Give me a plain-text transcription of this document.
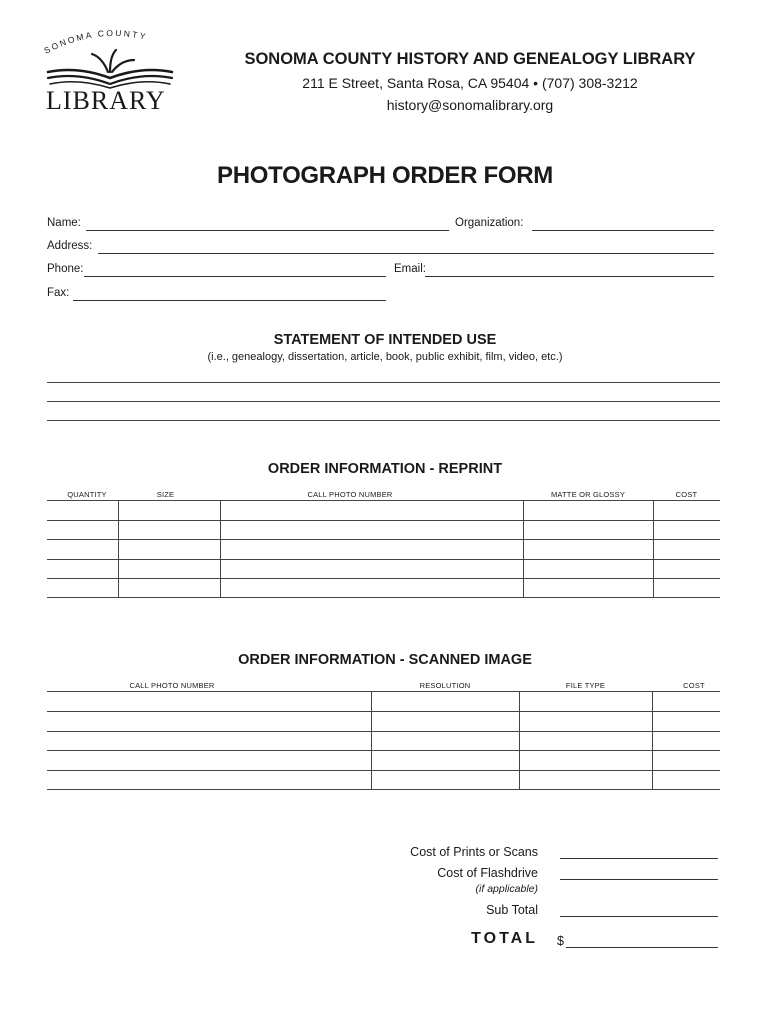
SONOMA COUNTY
LIBRARY
SONOMA COUNTY HISTORY AND GENEALOGY LIBRARY
211 E Street, Santa Rosa, CA 95404 • (707) 308-3212
history@sonomalibrary.org
PHOTOGRAPH ORDER FORM
Name:	Organization:
Address:
Phone:	Email:
Fax:
STATEMENT OF INTENDED USE
(i.e., genealogy, dissertation, article, book, public exhibit, film, video, etc.)
ORDER INFORMATION - REPRINT
QUANTITY	SIZE	CALL PHOTO NUMBER	MATTE OR GLOSSY	COST
ORDER INFORMATION - SCANNED IMAGE
CALL PHOTO NUMBER	RESOLUTION	FILE TYPE	COST
Cost of Prints or Scans
Cost of Flashdrive
(if applicable)
Sub Total
TOTAL $
